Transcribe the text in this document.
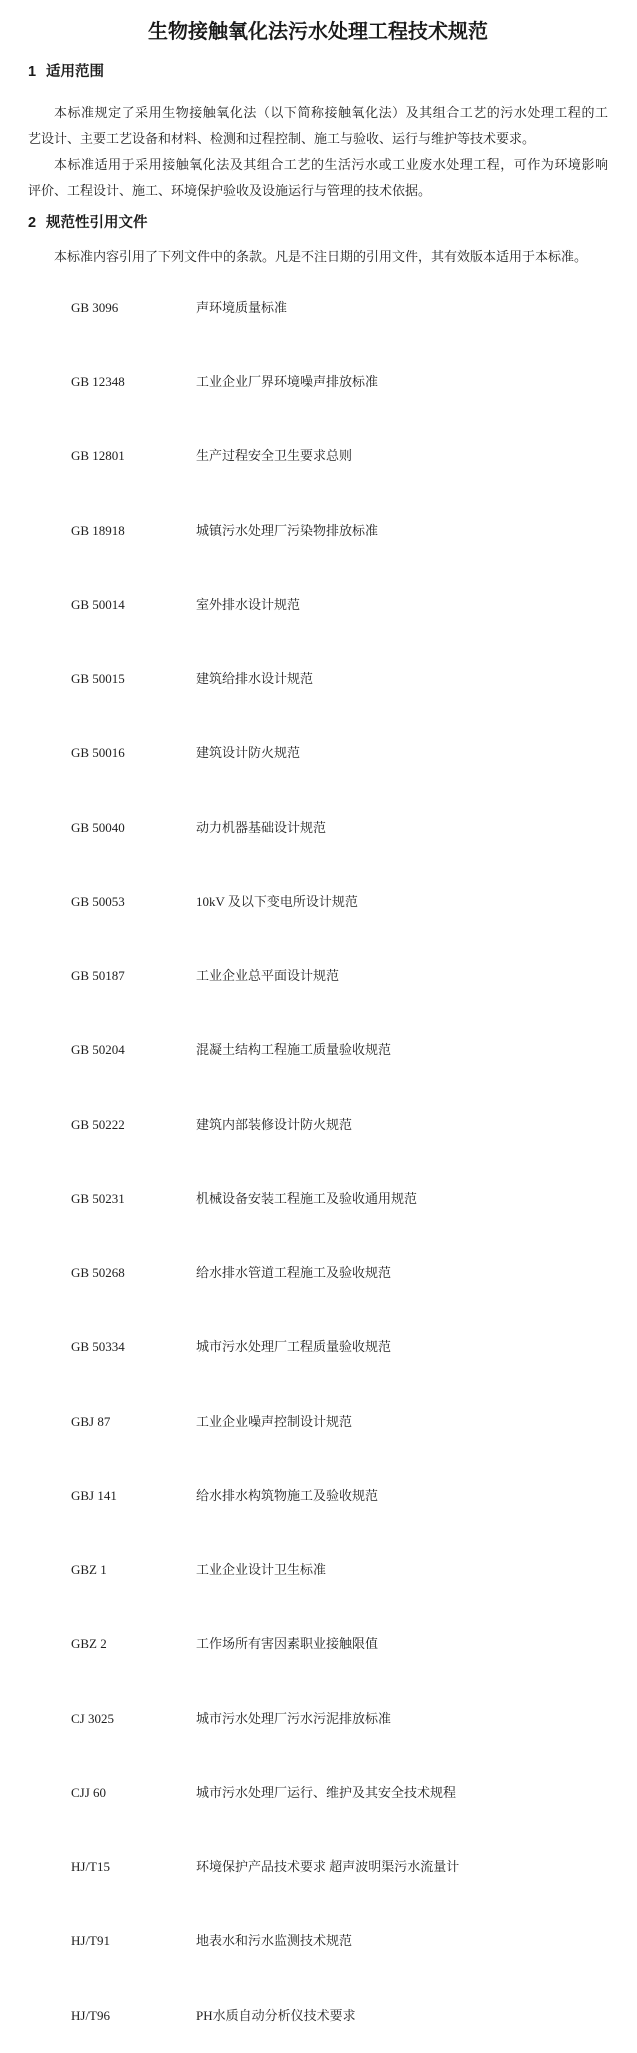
生物接触氧化法污水处理工程技术规范
1 适用范围
本标准规定了采用生物接触氧化法（以下简称接触氧化法）及其组合工艺的污水处理工程的工
艺设计、主要工艺设备和材料、检测和过程控制、施工与验收、运行与维护等技术要求。
本标准适用于采用接触氧化法及其组合工艺的生活污水或工业废水处理工程，可作为环境影响
评价、工程设计、施工、环境保护验收及设施运行与管理的技术依据。
2 规范性引用文件
本标准内容引用了下列文件中的条款。凡是不注日期的引用文件，其有效版本适用于本标准。

GB 3096	声环境质量标准

GB 12348	工业企业厂界环境噪声排放标准

GB 12801	生产过程安全卫生要求总则

GB 18918	城镇污水处理厂污染物排放标准

GB 50014	室外排水设计规范

GB 50015	建筑给排水设计规范

GB 50016	建筑设计防火规范

GB 50040	动力机器基础设计规范

GB 50053	10kV 及以下变电所设计规范

GB 50187	工业企业总平面设计规范

GB 50204	混凝土结构工程施工质量验收规范

GB 50222	建筑内部装修设计防火规范

GB 50231	机械设备安装工程施工及验收通用规范

GB 50268	给水排水管道工程施工及验收规范

GB 50334	城市污水处理厂工程质量验收规范

GBJ 87	工业企业噪声控制设计规范

GBJ 141	给水排水构筑物施工及验收规范

GBZ 1	工业企业设计卫生标准

GBZ 2	工作场所有害因素职业接触限值

CJ 3025	城市污水处理厂污水污泥排放标准

CJJ 60	城市污水处理厂运行、维护及其安全技术规程

HJ/T15	环境保护产品技术要求 超声波明渠污水流量计

HJ/T91	地表水和污水监测技术规范

HJ/T96	PH水质自动分析仪技术要求
